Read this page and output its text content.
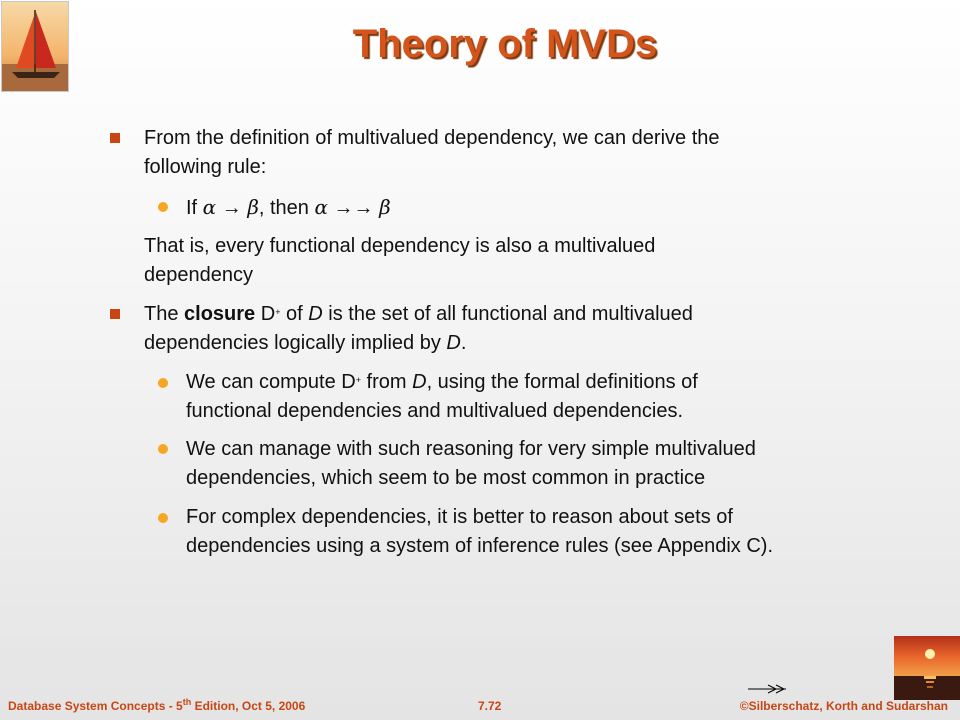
Theory of MVDs
From the definition of multivalued dependency, we can derive the
following rule:
If α → β, then α →→ β
That is, every functional dependency is also a multivalued
dependency
The closure D+ of D is the set of all functional and multivalued
dependencies logically implied by D.
We can compute D+ from D, using the formal definitions of
functional dependencies and multivalued dependencies.
We can manage with such reasoning for very simple multivalued
dependencies, which seem to be most common in practice
For complex dependencies, it is better to reason about sets of
dependencies using a system of inference rules (see Appendix C).
Database System Concepts - 5th Edition, Oct 5, 2006	7.72	©Silberschatz, Korth and Sudarshan
